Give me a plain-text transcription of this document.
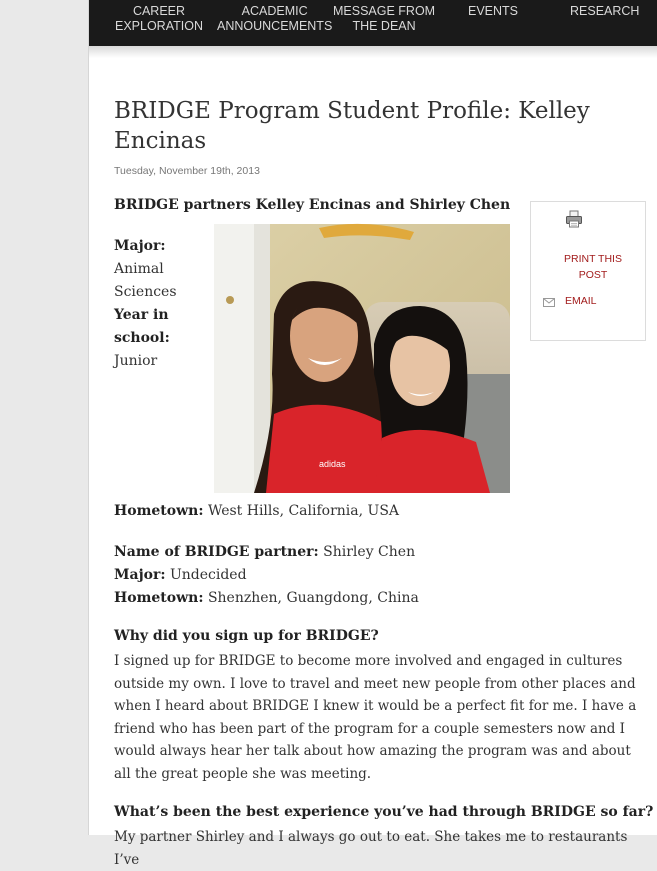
CAREER
EXPLORATION
ACADEMIC
ANNOUNCEMENTS
MESSAGE FROM
THE DEAN
EVENTS	RESEARCH
BRIDGE Program Student Profile: Kelley Encinas
Tuesday, November 19th, 2013
BRIDGE partners Kelley Encinas and Shirley Chen
PRINT THIS POST
EMAIL
Major:
Animal Sciences
Year in school:
Junior
adidas
Hometown: West Hills, California, USA
Name of BRIDGE partner: Shirley Chen
Major: Undecided
Hometown: Shenzhen, Guangdong, China
Why did you sign up for BRIDGE?

I signed up for BRIDGE to become more involved and engaged in cultures outside my own. I love to travel and meet new people from other places and when I heard about BRIDGE I knew it would be a perfect fit for me. I have a friend who has been part of the program for a couple semesters now and I would always hear her talk about how amazing the program was and about all the great people she was meeting.

What’s been the best experience you’ve had through BRIDGE so far?

My partner Shirley and I always go out to eat. She takes me to restaurants I’ve
